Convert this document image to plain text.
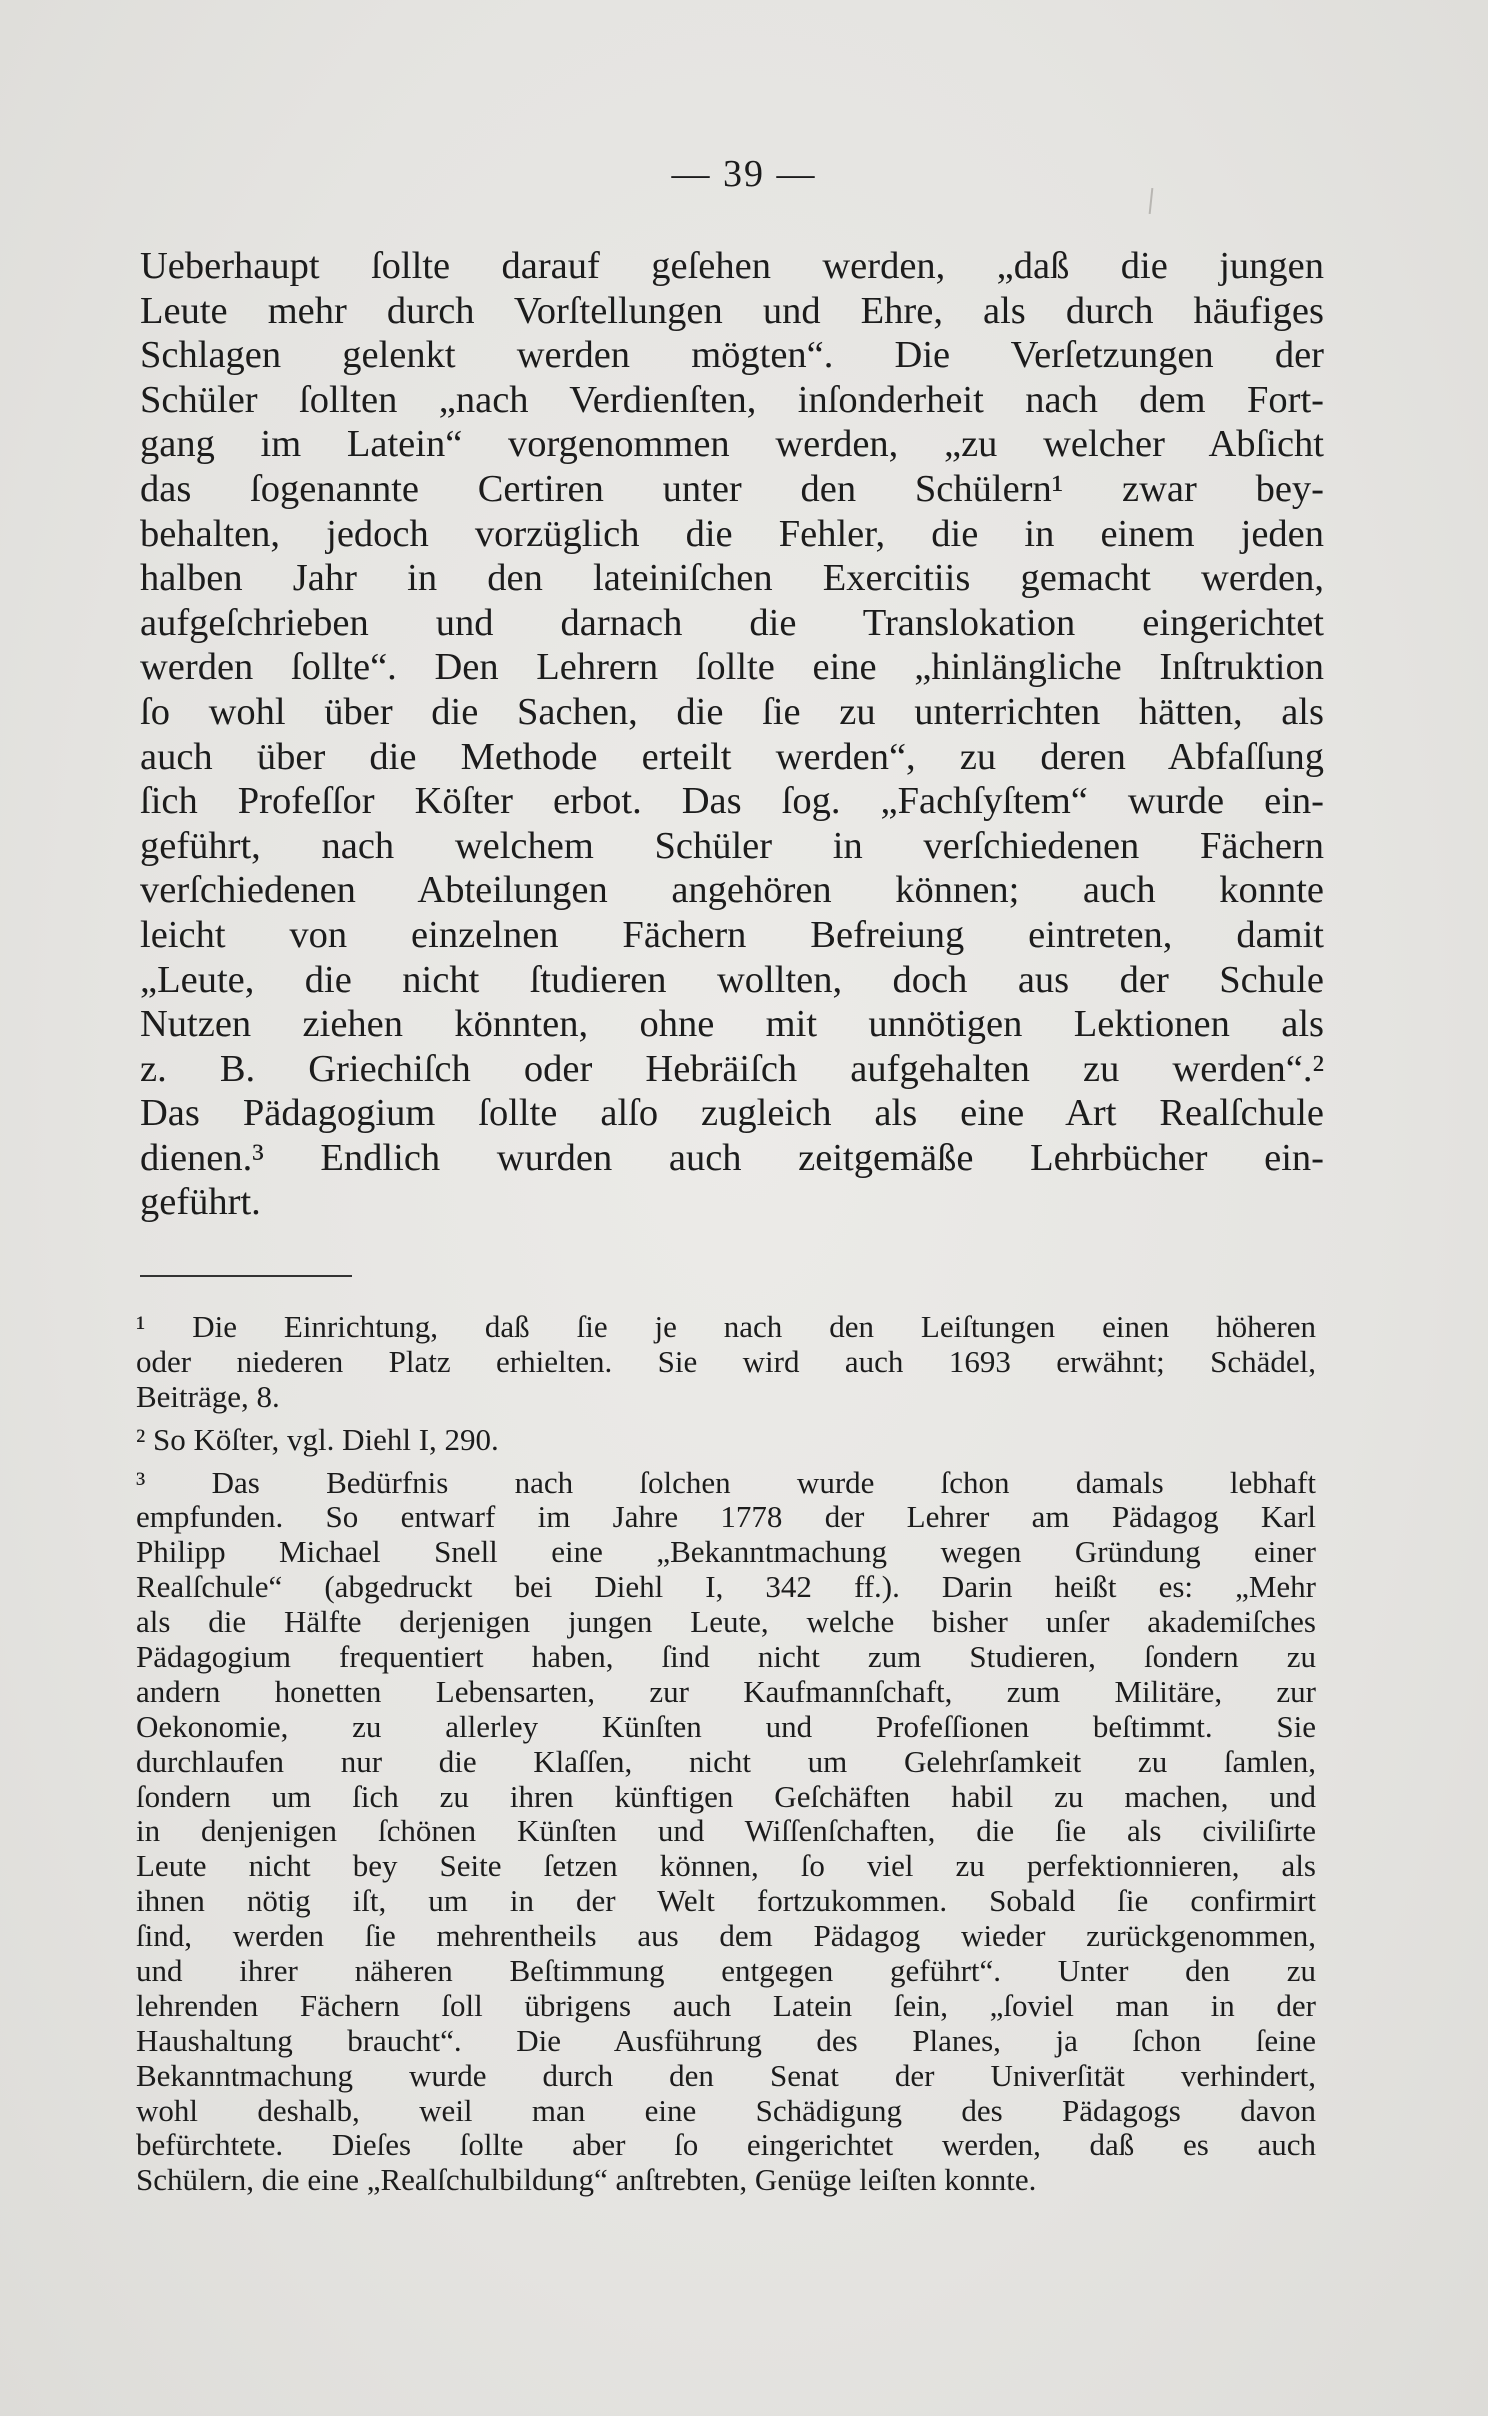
— 39 —
Ueberhaupt ſollte darauf geſehen werden, „daß die jungen
Leute mehr durch Vorſtellungen und Ehre, als durch häufiges
Schlagen gelenkt werden mögten“. Die Verſetzungen der
Schüler ſollten „nach Verdienſten, inſonderheit nach dem Fort-
gang im Latein“ vorgenommen werden, „zu welcher Abſicht
das ſogenannte Certiren unter den Schülern¹ zwar bey-
behalten, jedoch vorzüglich die Fehler, die in einem jeden
halben Jahr in den lateiniſchen Exercitiis gemacht werden,
aufgeſchrieben und darnach die Translokation eingerichtet
werden ſollte“. Den Lehrern ſollte eine „hinlängliche Inſtruktion
ſo wohl über die Sachen, die ſie zu unterrichten hätten, als
auch über die Methode erteilt werden“, zu deren Abfaſſung
ſich Profeſſor Köſter erbot. Das ſog. „Fachſyſtem“ wurde ein-
geführt, nach welchem Schüler in verſchiedenen Fächern
verſchiedenen Abteilungen angehören können; auch konnte
leicht von einzelnen Fächern Befreiung eintreten, damit
„Leute, die nicht ſtudieren wollten, doch aus der Schule
Nutzen ziehen könnten, ohne mit unnötigen Lektionen als
z. B. Griechiſch oder Hebräiſch aufgehalten zu werden“.²
Das Pädagogium ſollte alſo zugleich als eine Art Realſchule
dienen.³ Endlich wurden auch zeitgemäße Lehrbücher ein-
geführt.
¹ Die Einrichtung, daß ſie je nach den Leiſtungen einen höheren
oder niederen Platz erhielten. Sie wird auch 1693 erwähnt; Schädel,
Beiträge, 8.
² So Köſter, vgl. Diehl I, 290.
³ Das Bedürfnis nach ſolchen wurde ſchon damals lebhaft
empfunden. So entwarf im Jahre 1778 der Lehrer am Pädagog Karl
Philipp Michael Snell eine „Bekanntmachung wegen Gründung einer
Realſchule“ (abgedruckt bei Diehl I, 342 ff.). Darin heißt es: „Mehr
als die Hälfte derjenigen jungen Leute, welche bisher unſer akademiſches
Pädagogium frequentiert haben, ſind nicht zum Studieren, ſondern zu
andern honetten Lebensarten, zur Kaufmannſchaft, zum Militäre, zur
Oekonomie, zu allerley Künſten und Profeſſionen beſtimmt. Sie
durchlaufen nur die Klaſſen, nicht um Gelehrſamkeit zu ſamlen,
ſondern um ſich zu ihren künftigen Geſchäften habil zu machen, und
in denjenigen ſchönen Künſten und Wiſſenſchaften, die ſie als civiliſirte
Leute nicht bey Seite ſetzen können, ſo viel zu perfektionnieren, als
ihnen nötig iſt, um in der Welt fortzukommen. Sobald ſie confirmirt
ſind, werden ſie mehrentheils aus dem Pädagog wieder zurückgenommen,
und ihrer näheren Beſtimmung entgegen geführt“. Unter den zu
lehrenden Fächern ſoll übrigens auch Latein ſein, „ſoviel man in der
Haushaltung braucht“. Die Ausführung des Planes, ja ſchon ſeine
Bekanntmachung wurde durch den Senat der Univerſität verhindert,
wohl deshalb, weil man eine Schädigung des Pädagogs davon
befürchtete. Dieſes ſollte aber ſo eingerichtet werden, daß es auch
Schülern, die eine „Realſchulbildung“ anſtrebten, Genüge leiſten konnte.
